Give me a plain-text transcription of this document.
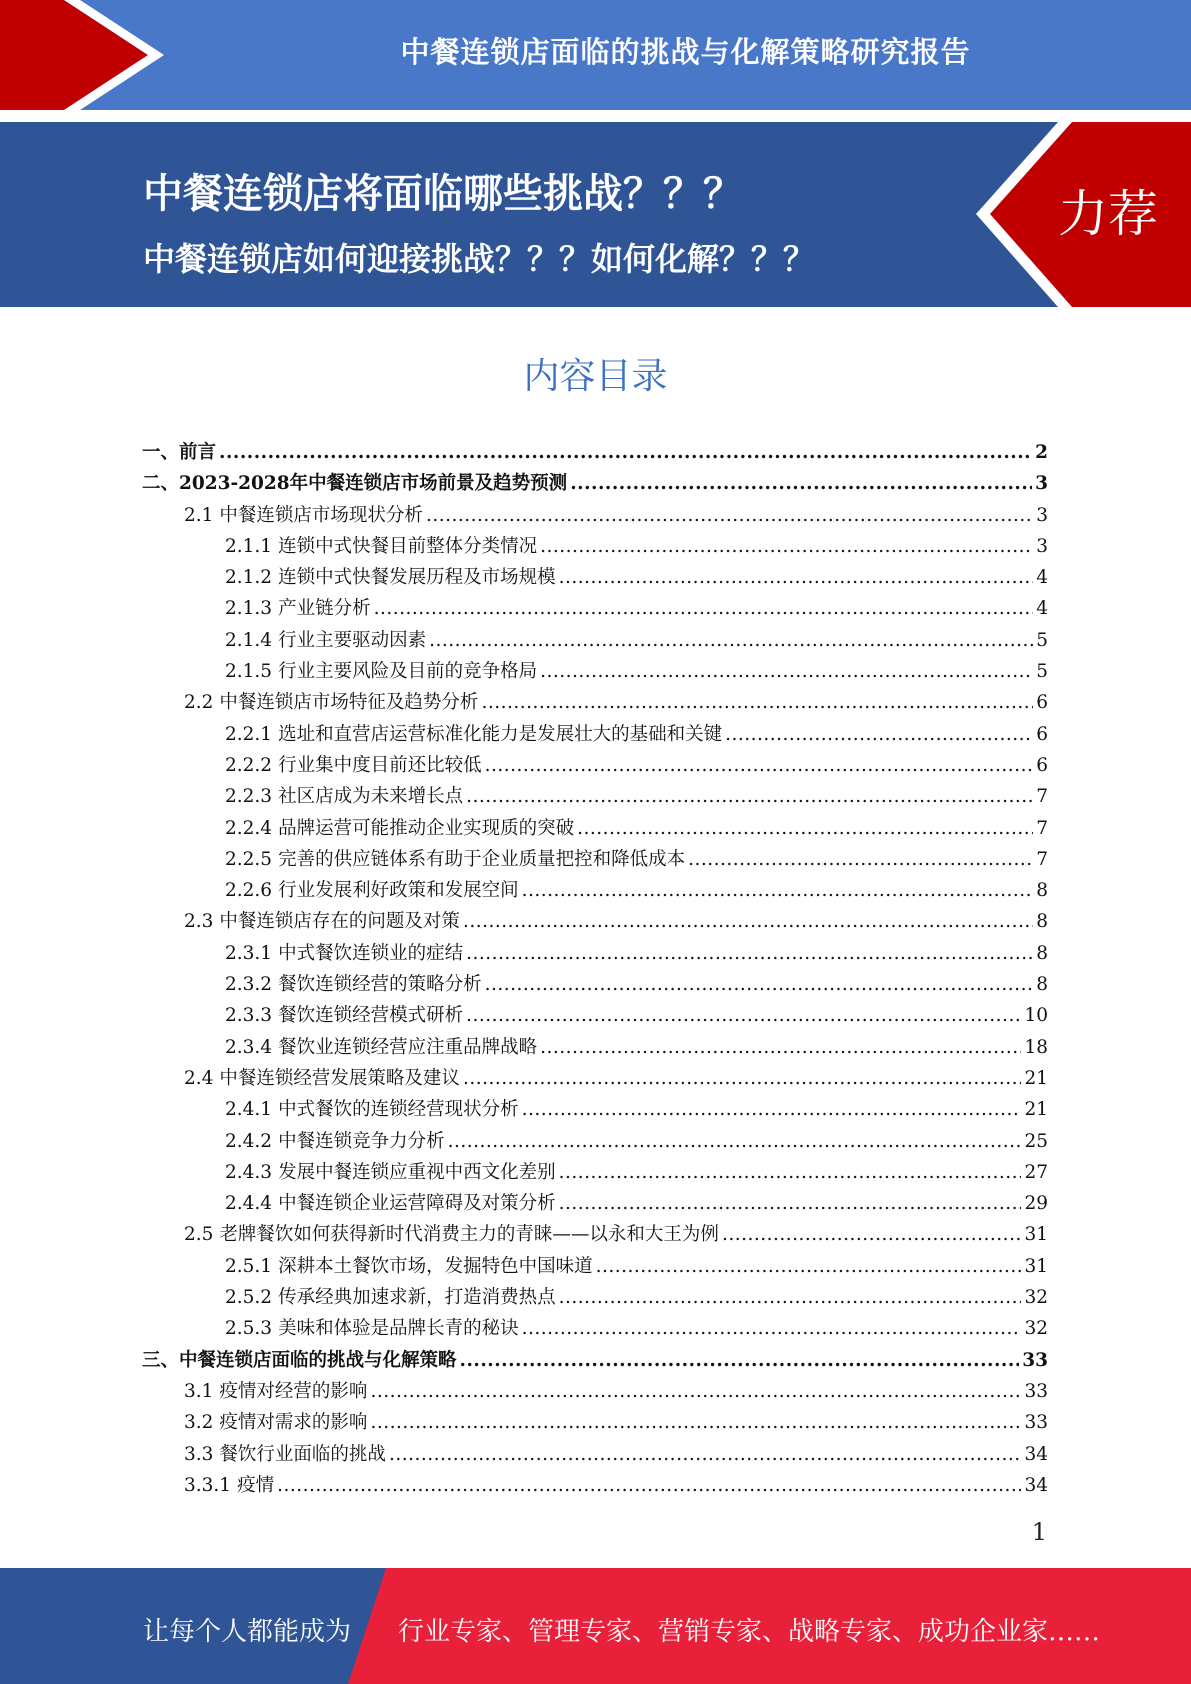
中餐连锁店面临的挑战与化解策略研究报告
中餐连锁店将面临哪些挑战？？？
中餐连锁店如何迎接挑战？？？如何化解？？？
力荐
内容目录
一、 前言 .....	2
二、 2023-2028年中餐连锁店市场前景及趋势预测 .....	3
2.1 中餐连锁店市场现状分析 .....	3
2.1.1 连锁中式快餐目前整体分类情况 .....	3
2.1.2 连锁中式快餐发展历程及市场规模 .....	4
2.1.3 产业链分析 .....	4
2.1.4 行业主要驱动因素 .....	5
2.1.5 行业主要风险及目前的竞争格局 .....	5
2.2 中餐连锁店市场特征及趋势分析 .....	6
2.2.1 选址和直营店运营标准化能力是发展壮大的基础和关键 .....	6
2.2.2 行业集中度目前还比较低 .....	6
2.2.3 社区店成为未来增长点 .....	7
2.2.4 品牌运营可能推动企业实现质的突破 .....	7
2.2.5 完善的供应链体系有助于企业质量把控和降低成本 .....	7
2.2.6 行业发展利好政策和发展空间 .....	8
2.3 中餐连锁店存在的问题及对策 .....	8
2.3.1 中式餐饮连锁业的症结 .....	8
2.3.2 餐饮连锁经营的策略分析 .....	8
2.3.3 餐饮连锁经营模式研析 .....	10
2.3.4 餐饮业连锁经营应注重品牌战略 .....	18
2.4 中餐连锁经营发展策略及建议 .....	21
2.4.1 中式餐饮的连锁经营现状分析 .....	21
2.4.2 中餐连锁竞争力分析 .....	25
2.4.3 发展中餐连锁应重视中西文化差别 .....	27
2.4.4 中餐连锁企业运营障碍及对策分析 .....	29
2.5 老牌餐饮如何获得新时代消费主力的青睐——以永和大王为例 .....	31
2.5.1 深耕本土餐饮市场，发掘特色中国味道 .....	31
2.5.2 传承经典加速求新，打造消费热点 .....	32
2.5.3 美味和体验是品牌长青的秘诀 .....	32
三、 中餐连锁店面临的挑战与化解策略 .....	33
3.1 疫情对经营的影响 .....	33
3.2 疫情对需求的影响 .....	33
3.3 餐饮行业面临的挑战 .....	34
3.3.1 疫情 .....	34
1
让每个人都能成为 行业专家、管理专家、营销专家、战略专家、成功企业家……
